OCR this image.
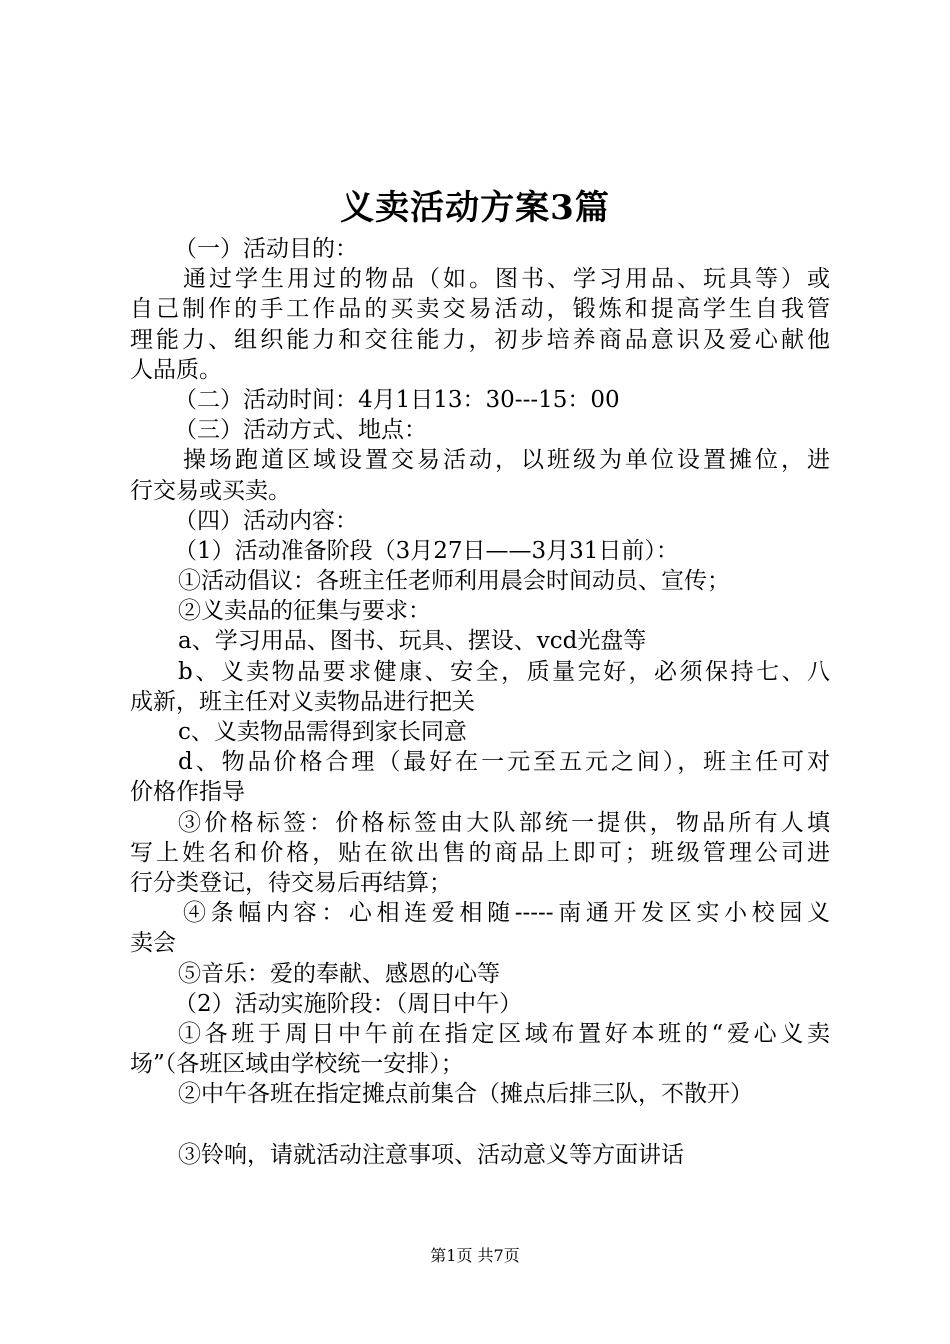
义卖活动方案3篇
（一）活动目的：
通过学生用过的物品（如。图书、学习用品、玩具等）或
自己制作的手工作品的买卖交易活动，锻炼和提高学生自我管
理能力、组织能力和交往能力，初步培养商品意识及爱心献他
人品质。
（二）活动时间：4月1日13：30---15：00
（三）活动方式、地点：
操场跑道区域设置交易活动，以班级为单位设置摊位，进
行交易或买卖。
（四）活动内容：
（1）活动准备阶段（3月27日——3月31日前）：
①活动倡议：各班主任老师利用晨会时间动员、宣传；
②义卖品的征集与要求：
a、学习用品、图书、玩具、摆设、vcd光盘等
b、义卖物品要求健康、安全，质量完好，必须保持七、八
成新，班主任对义卖物品进行把关
c、义卖物品需得到家长同意
d、物品价格合理（最好在一元至五元之间），班主任可对
价格作指导
③价格标签：价格标签由大队部统一提供，物品所有人填
写上姓名和价格，贴在欲出售的商品上即可；班级管理公司进
行分类登记，待交易后再结算；
④条幅内容：心相连爱相随-----南通开发区实小校园义
卖会
⑤音乐：爱的奉献、感恩的心等
（2）活动实施阶段：（周日中午）
①各班于周日中午前在指定区域布置好本班的“爱心义卖
场”（各班区域由学校统一安排）；
②中午各班在指定摊点前集合（摊点后排三队，不散开）
③铃响，请就活动注意事项、活动意义等方面讲话
第1页 共7页
